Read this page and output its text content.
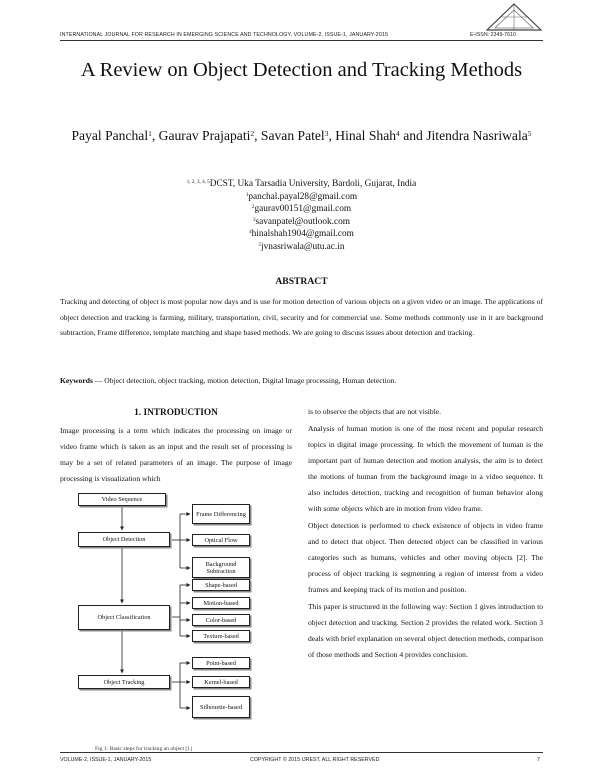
INTERNATIONAL JOURNAL FOR RESEARCH IN EMERGING SCIENCE AND TECHNOLOGY, VOLUME-2, ISSUE-1, JANUARY-2015	E-ISSN: 2349-7610
A Review on Object Detection and Tracking Methods
Payal Panchal$^1$, Gaurav Prajapati$^2$, Savan Patel$^3$, Hinal Shah$^4$ and Jitendra Nasriwala$^5$
$^{1, 2, 3, 4, 5}$DCST, Uka Tarsadia University, Bardoli, Gujarat, India
$^1$panchal.payal28@gmail.com
$^2$gaurav00151@gmail.com
$^3$savanpatel@outlook.com
$^4$hinalshah1904@gmail.com
$^5$jvnasriwala@utu.ac.in
ABSTRACT
Tracking and detecting of object is most popular now days and is use for motion detection of various objects on a given video or an image. The applications of object detection and tracking is farming, military, transportation, civil, security and for commercial use. Some methods commonly use in it are background subtraction, Frame difference, template matching and shape based methods. We are going to discuss issues about detection and tracking.
Keywords — Object detection, object tracking, motion detection, Digital Image processing, Human detection.
1. INTRODUCTION

Image processing is a term which indicates the processing on image or video frame which is taken as an input and the result set of processing is may be a set of related parameters of an image. The purpose of image processing is visualization which

is to observe the objects that are not visible.

Analysis of human motion is one of the most recent and popular research topics in digital image processing. In which the movement of human is the important part of human detection and motion analysis, the aim is to detect the motions of human from the background image in a video sequence. It also includes detection, tracking and recognition of human behavior along with some objects which are in motion from video frame.

Object detection is performed to check existence of objects in video frame and to detect that object. Then detected object can be classified in various categories such as humans, vehicles and other moving objects [2]. The process of object tracking is segmenting a region of interest from a video frames and keeping track of its motion and position.

This paper is structured in the following way: Section 1 gives introduction to object detection and tracking. Section 2 provides the related work. Section 3 deals with brief explanation on several object detection methods, comparison of those methods and Section 4 provides conclusion.

Video Sequence
Object Detection
Frame Differencing
Optical Flow
Background Subtraction
Object Classification
Shape-based
Motion-based
Color-based
Texture-based
Object Tracking
Point-based
Kernel-based
Silhouette-based
Fig 1: Basic steps for tracking an object [1]
VOLUME-2, ISSUE-1, JANUARY-2015	COPYRIGHT © 2015 IJREST, ALL RIGHT RESERVED	7
